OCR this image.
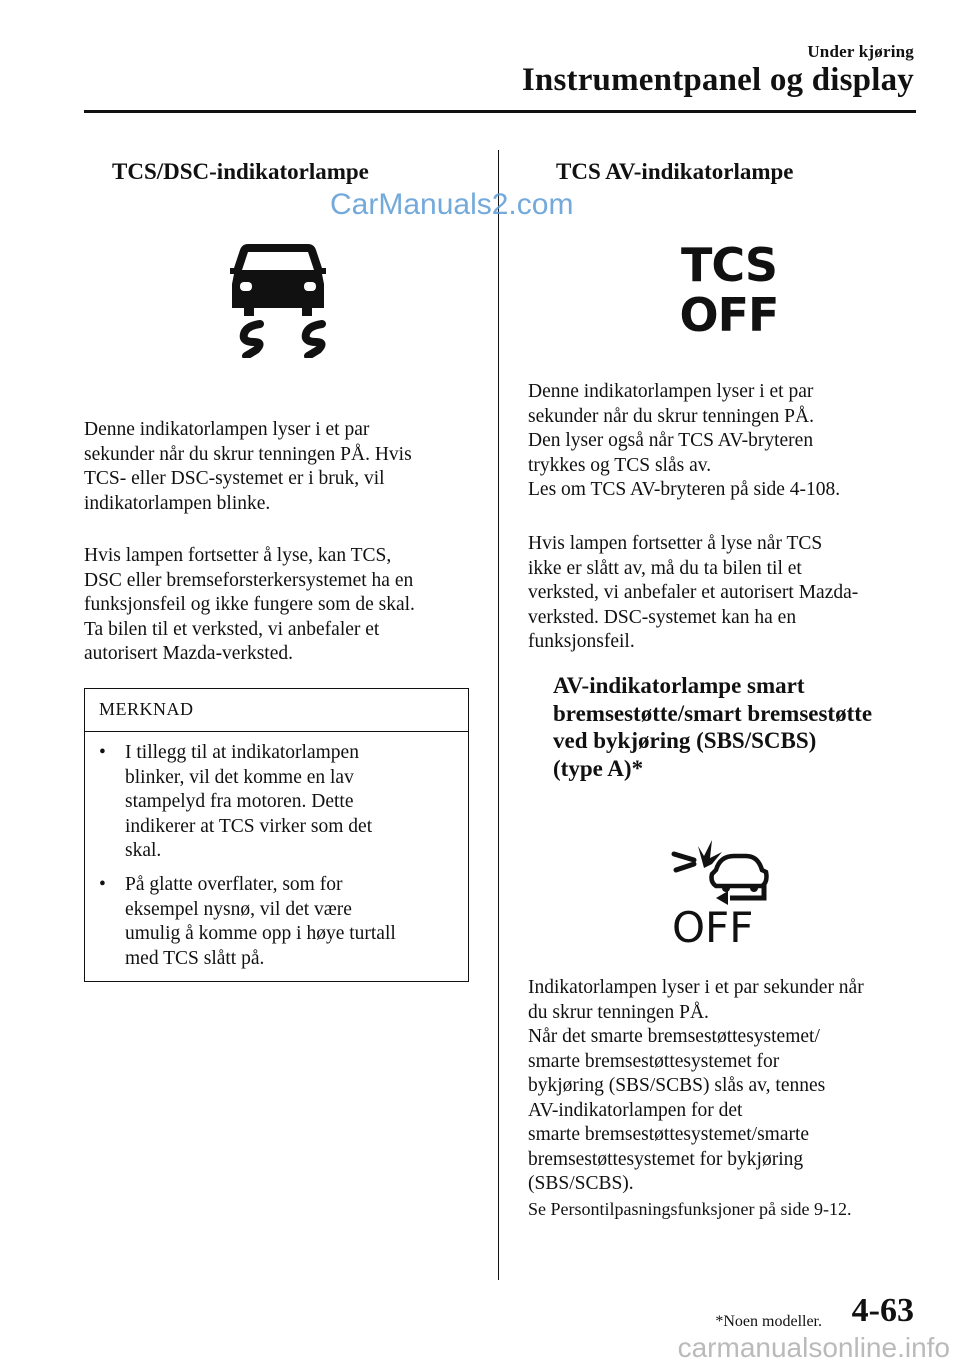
Under kjøring
Instrumentpanel og display
TCS/DSC-indikatorlampe
CarManuals2.com

Denne indikatorlampen lyser i et par

sekunder når du skrur tenningen PÅ. Hvis

TCS- eller DSC-systemet er i bruk, vil

indikatorlampen blinke.

Hvis lampen fortsetter å lyse, kan TCS,

DSC eller bremseforsterkersystemet ha en

funksjonsfeil og ikke fungere som de skal.

Ta bilen til et verksted, vi anbefaler et

autorisert Mazda-verksted.

MERKNAD
• I tillegg til at indikatorlampen
blinker, vil det komme en lav
stampelyd fra motoren. Dette
indikerer at TCS virker som det
skal.
• På glatte overflater, som for
eksempel nysnø, vil det være
umulig å komme opp i høye turtall
med TCS slått på.
TCS AV-indikatorlampe
TCS
OFF

Denne indikatorlampen lyser i et par

sekunder når du skrur tenningen PÅ.

Den lyser også når TCS AV-bryteren

trykkes og TCS slås av.

Les om TCS AV-bryteren på side 4-108.

Hvis lampen fortsetter å lyse når TCS

ikke er slått av, må du ta bilen til et

verksted, vi anbefaler et autorisert Mazda-

verksted. DSC-systemet kan ha en

funksjonsfeil.

AV-indikatorlampe smart
bremsestøtte/smart bremsestøtte
ved bykjøring (SBS/SCBS)
(type A)*
OFF

Indikatorlampen lyser i et par sekunder når

du skrur tenningen PÅ.

Når det smarte bremsestøttesystemet/

smarte bremsestøttesystemet for

bykjøring (SBS/SCBS) slås av, tennes

AV-indikatorlampen for det

smarte bremsestøttesystemet/smarte

bremsestøttesystemet for bykjøring

(SBS/SCBS).

Se Persontilpasningsfunksjoner på side 9-12.

*Noen modeller. 4-63
carmanualsonline.info
